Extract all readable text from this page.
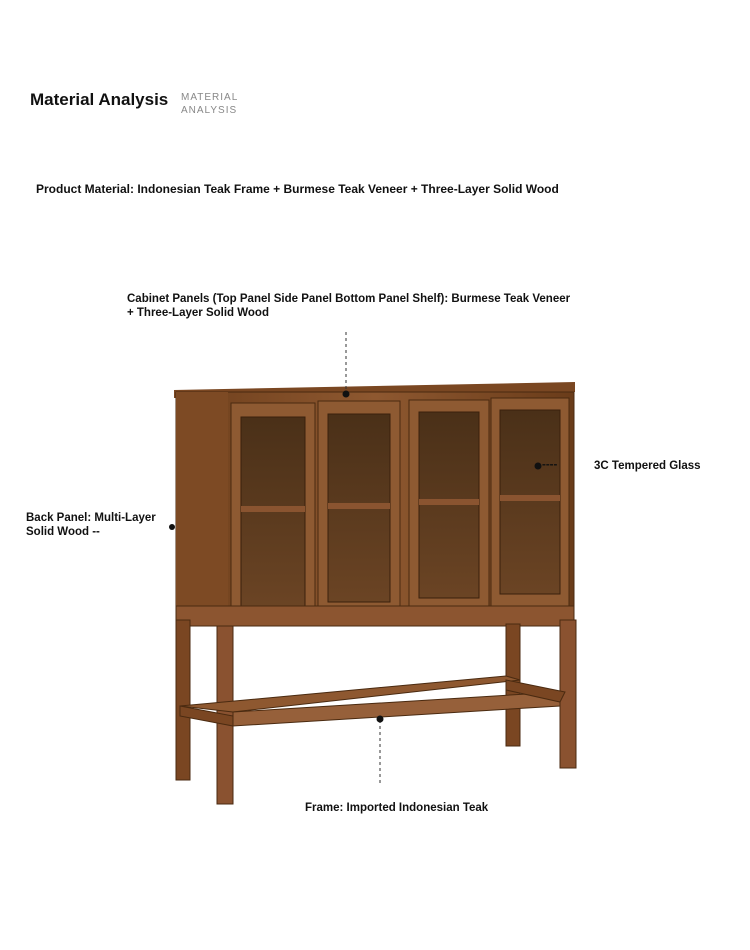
Material Analysis MATERIAL
ANALYSIS
Product Material: Indonesian Teak Frame + Burmese Teak Veneer + Three-Layer Solid Wood
Cabinet Panels (Top Panel Side Panel Bottom Panel Shelf): Burmese Teak Veneer
+ Three-Layer Solid Wood
----	3C Tempered Glass
Back Panel: Multi-Layer
Solid Wood --
Frame: Imported Indonesian Teak
